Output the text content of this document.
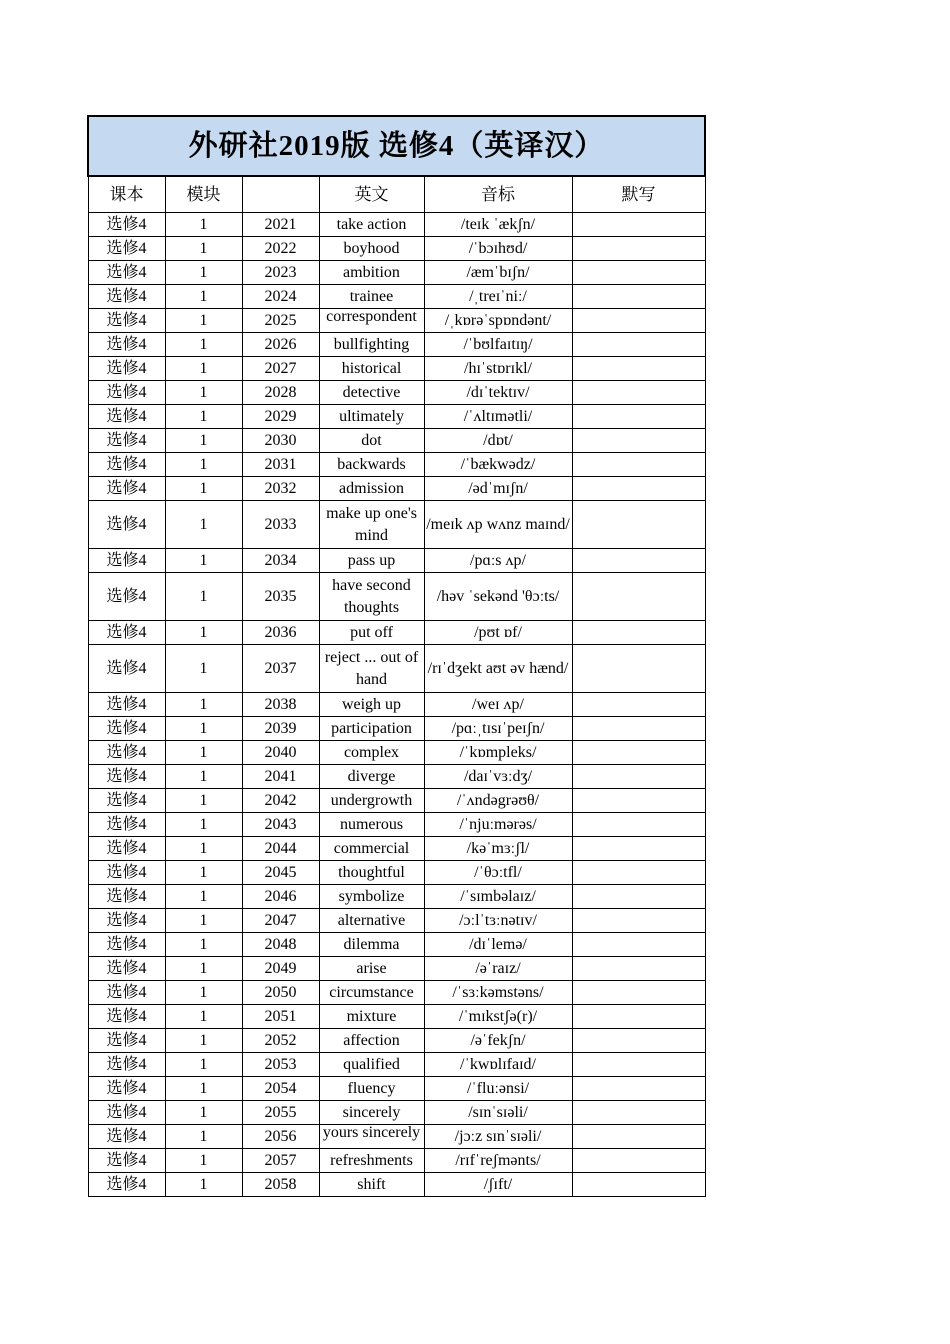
外研社2019版 选修4（英译汉）					
课本	模块		英文	音标	默写
选修4	1	2021	take action	/teɪk ˈækʃn/	
选修4	1	2022	boyhood	/ˈbɔɪhʊd/	
选修4	1	2023	ambition	/æmˈbɪʃn/	
选修4	1	2024	trainee	/ˌtreɪˈniː/	
选修4	1	2025	correspondent	/ˌkɒrəˈspɒndənt/	
选修4	1	2026	bullfighting	/ˈbʊlfaɪtɪŋ/	
选修4	1	2027	historical	/hɪˈstɒrɪkl/	
选修4	1	2028	detective	/dɪˈtektɪv/	
选修4	1	2029	ultimately	/ˈʌltɪmətli/	
选修4	1	2030	dot	/dɒt/	
选修4	1	2031	backwards	/ˈbækwədz/	
选修4	1	2032	admission	/ədˈmɪʃn/	
选修4	1	2033	make up one's mind	/meɪk ʌp wʌnz maɪnd/	
选修4	1	2034	pass up	/pɑːs ʌp/	
选修4	1	2035	have second thoughts	/həv ˈsekənd 'θɔːts/	
选修4	1	2036	put off	/pʊt ɒf/	
选修4	1	2037	reject ... out of hand	/rɪˈdʒekt aʊt əv hænd/	
选修4	1	2038	weigh up	/weɪ ʌp/	
选修4	1	2039	participation	/pɑːˌtɪsɪˈpeɪʃn/	
选修4	1	2040	complex	/ˈkɒmpleks/	
选修4	1	2041	diverge	/daɪˈvɜːdʒ/	
选修4	1	2042	undergrowth	/ˈʌndəgrəʊθ/	
选修4	1	2043	numerous	/ˈnjuːmərəs/	
选修4	1	2044	commercial	/kəˈmɜːʃl/	
选修4	1	2045	thoughtful	/ˈθɔːtfl/	
选修4	1	2046	symbolize	/ˈsɪmbəlaɪz/	
选修4	1	2047	alternative	/ɔːlˈtɜːnətɪv/	
选修4	1	2048	dilemma	/dɪˈlemə/	
选修4	1	2049	arise	/əˈraɪz/	
选修4	1	2050	circumstance	/ˈsɜːkəmstəns/	
选修4	1	2051	mixture	/ˈmɪkstʃə(r)/	
选修4	1	2052	affection	/əˈfekʃn/	
选修4	1	2053	qualified	/ˈkwɒlɪfaɪd/	
选修4	1	2054	fluency	/ˈfluːənsi/	
选修4	1	2055	sincerely	/sɪnˈsɪəli/	
选修4	1	2056	yours sincerely	/jɔːz sɪnˈsɪəli/	
选修4	1	2057	refreshments	/rɪfˈreʃmənts/	
选修4	1	2058	shift	/ʃɪft/	
